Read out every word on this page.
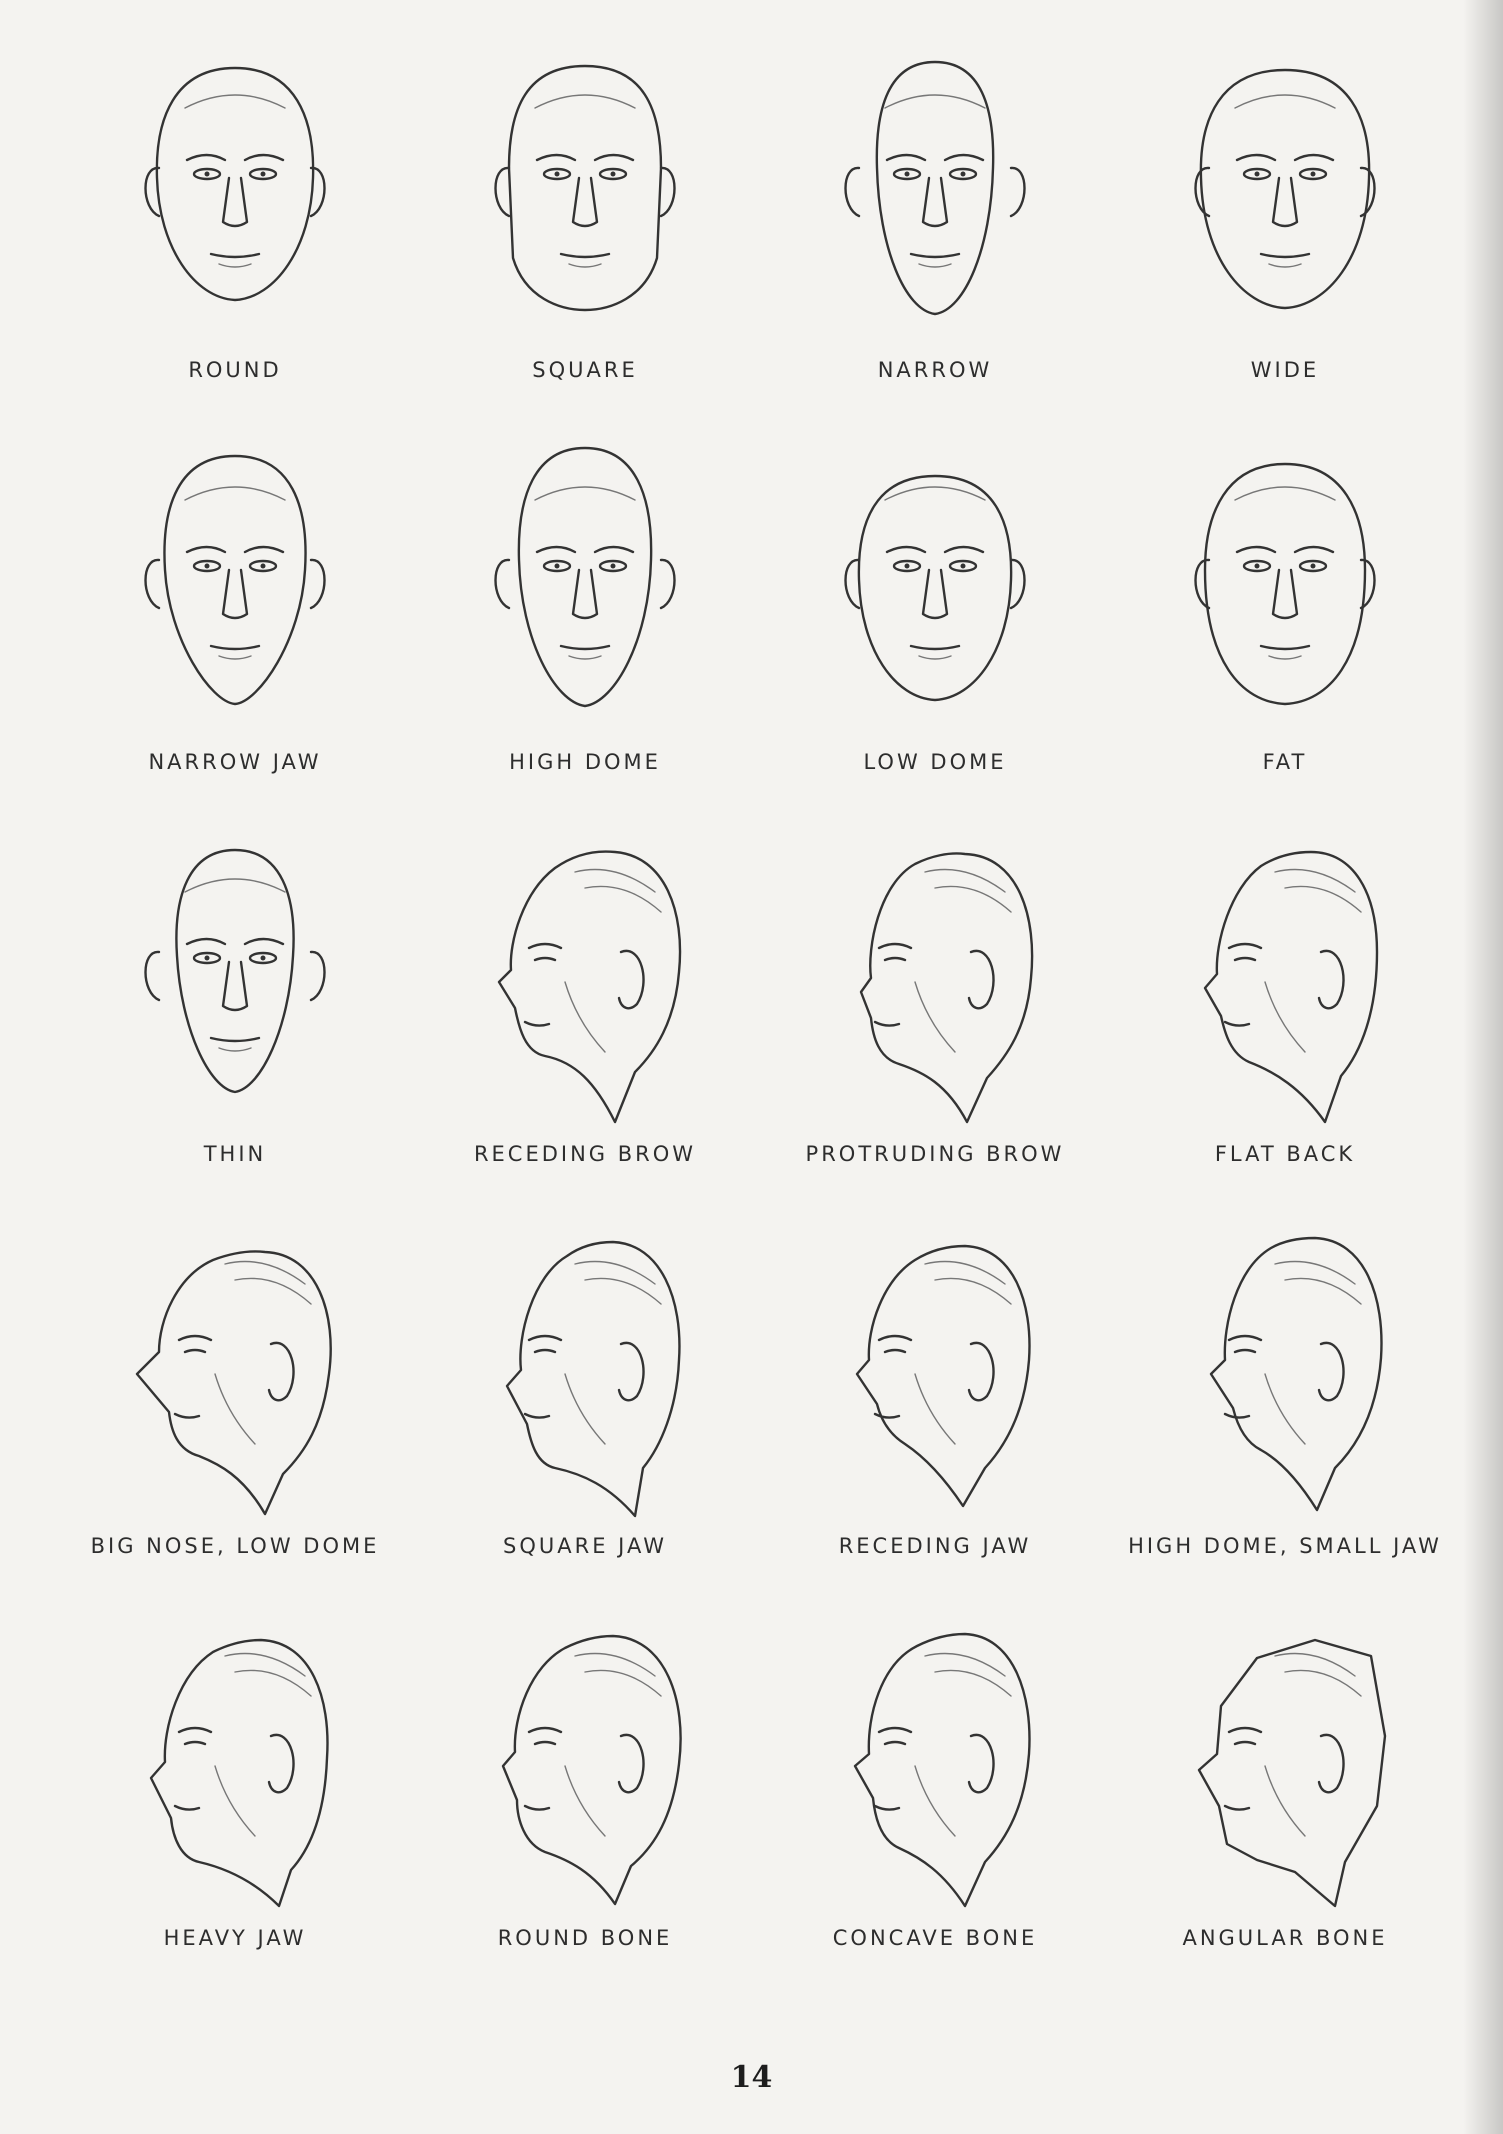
ROUND	SQUARE	NARROW	WIDE
NARROW JAW	HIGH DOME	LOW DOME	FAT
THIN	RECEDING BROW	PROTRUDING BROW	FLAT BACK
BIG NOSE, LOW DOME	SQUARE JAW	RECEDING JAW	HIGH DOME, SMALL JAW
HEAVY JAW	ROUND BONE	CONCAVE BONE	ANGULAR BONE
14
